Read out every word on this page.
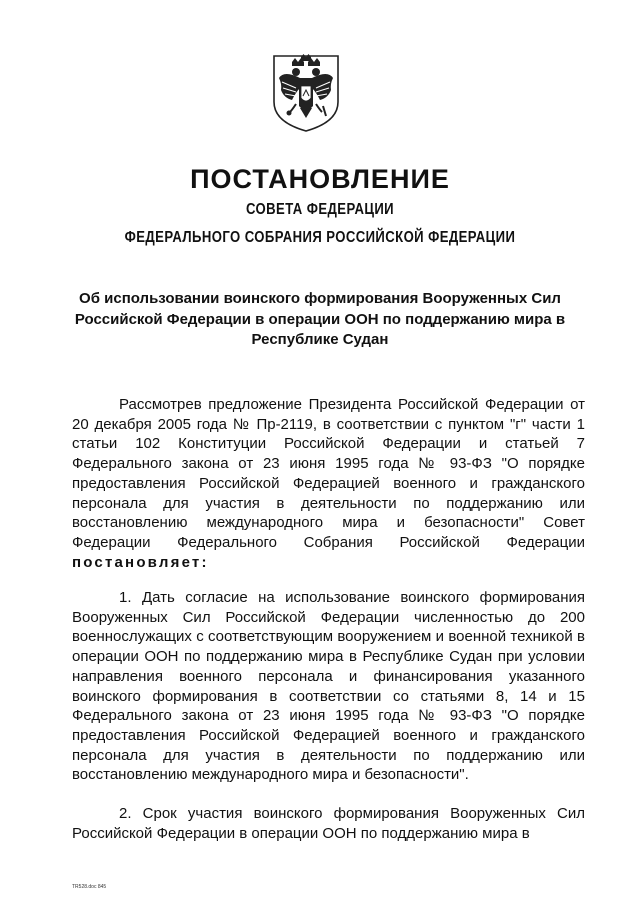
ПОСТАНОВЛЕНИЕ
СОВЕТА ФЕДЕРАЦИИ
ФЕДЕРАЛЬНОГО СОБРАНИЯ РОССИЙСКОЙ ФЕДЕРАЦИИ
Об использовании воинского формирования Вооруженных Сил Российской Федерации в операции ООН по поддержанию мира в Республике Судан

Рассмотрев предложение Президента Российской Федерации от 20 декабря 2005 года № Пр-2119, в соответствии с пунктом "г" части 1 статьи 102 Конституции Российской Федерации и статьей 7 Федерального закона от 23 июня 1995 года № 93-ФЗ "О порядке предоставления Российской Федерацией военного и гражданского персонала для участия в деятельности по поддержанию или восстановлению международного мира и безопасности" Совет Федерации Федерального Собрания Российской Федерации постановляет:

1. Дать согласие на использование воинского формирования Вооруженных Сил Российской Федерации численностью до 200 военнослужащих с соответствующим вооружением и военной техникой в операции ООН по поддержанию мира в Республике Судан при условии направления военного персонала и финансирования указанного воинского формирования в соответствии со статьями 8, 14 и 15 Федерального закона от 23 июня 1995 года № 93-ФЗ "О порядке предоставления Российской Федерацией военного и гражданского персонала для участия в деятельности по поддержанию или восстановлению международного мира и безопасности".

2. Срок участия воинского формирования Вооруженных Сил Российской Федерации в операции ООН по поддержанию мира в

TR528.doc 845
